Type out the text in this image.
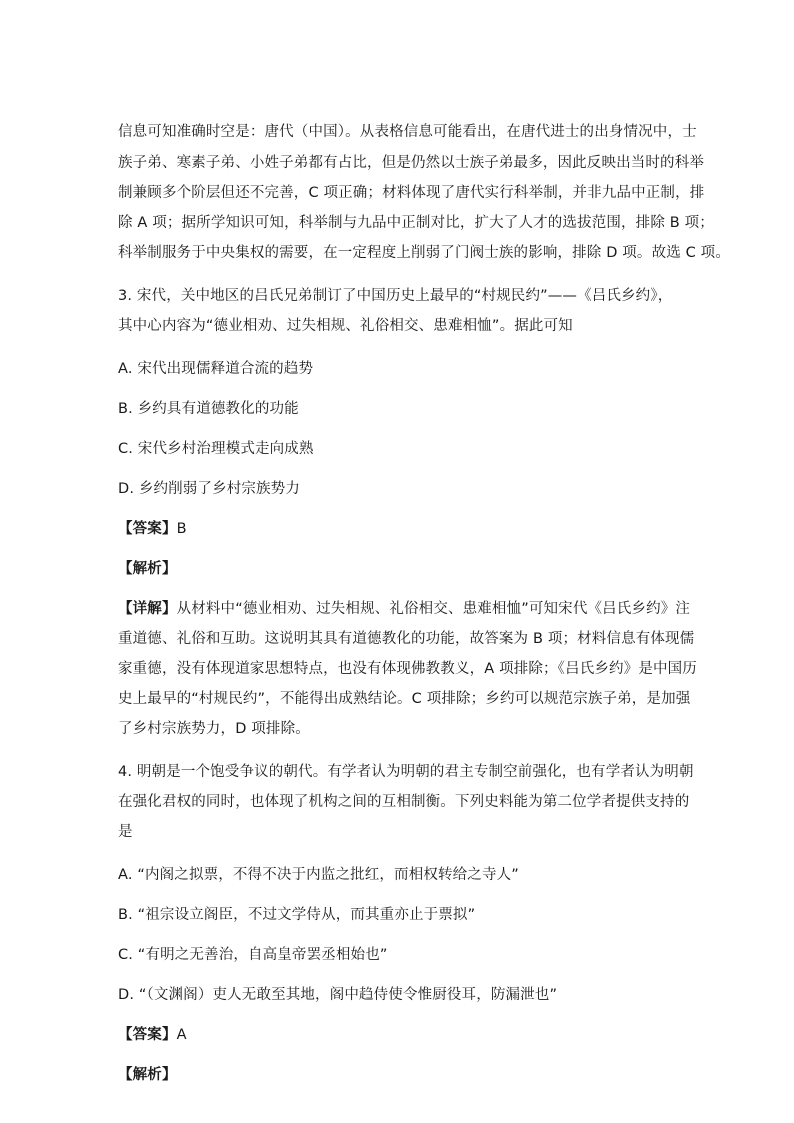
信息可知准确时空是：唐代（中国）。从表格信息可能看出，在唐代进士的出身情况中，士
族子弟、寒素子弟、小姓子弟都有占比，但是仍然以士族子弟最多，因此反映出当时的科举
制兼顾多个阶层但还不完善，C 项正确；材料体现了唐代实行科举制，并非九品中正制，排
除 A 项；据所学知识可知，科举制与九品中正制对比，扩大了人才的选拔范围，排除 B 项；
科举制服务于中央集权的需要，在一定程度上削弱了门阀士族的影响，排除 D 项。故选 C 项。
3. 宋代，关中地区的吕氏兄弟制订了中国历史上最早的“村规民约”——《吕氏乡约》，
其中心内容为“德业相劝、过失相规、礼俗相交、患难相恤”。据此可知
A. 宋代出现儒释道合流的趋势
B. 乡约具有道德教化的功能
C. 宋代乡村治理模式走向成熟
D. 乡约削弱了乡村宗族势力
【答案】B
【解析】
【详解】从材料中“德业相劝、过失相规、礼俗相交、患难相恤”可知宋代《吕氏乡约》注
重道德、礼俗和互助。这说明其具有道德教化的功能，故答案为 B 项；材料信息有体现儒
家重德，没有体现道家思想特点，也没有体现佛教教义，A 项排除；《吕氏乡约》是中国历
史上最早的“村规民约”，不能得出成熟结论。C 项排除；乡约可以规范宗族子弟，是加强
了乡村宗族势力，D 项排除。
4. 明朝是一个饱受争议的朝代。有学者认为明朝的君主专制空前强化，也有学者认为明朝
在强化君权的同时，也体现了机构之间的互相制衡。下列史料能为第二位学者提供支持的
是
A. “内阁之拟票，不得不决于内监之批红，而相权转给之寺人”
B. “祖宗设立阁臣，不过文学侍从，而其重亦止于票拟”
C. “有明之无善治，自高皇帝罢丞相始也”
D. “（文渊阁）吏人无敢至其地，阁中趋侍使令惟厨役耳，防漏泄也”
【答案】A
【解析】
